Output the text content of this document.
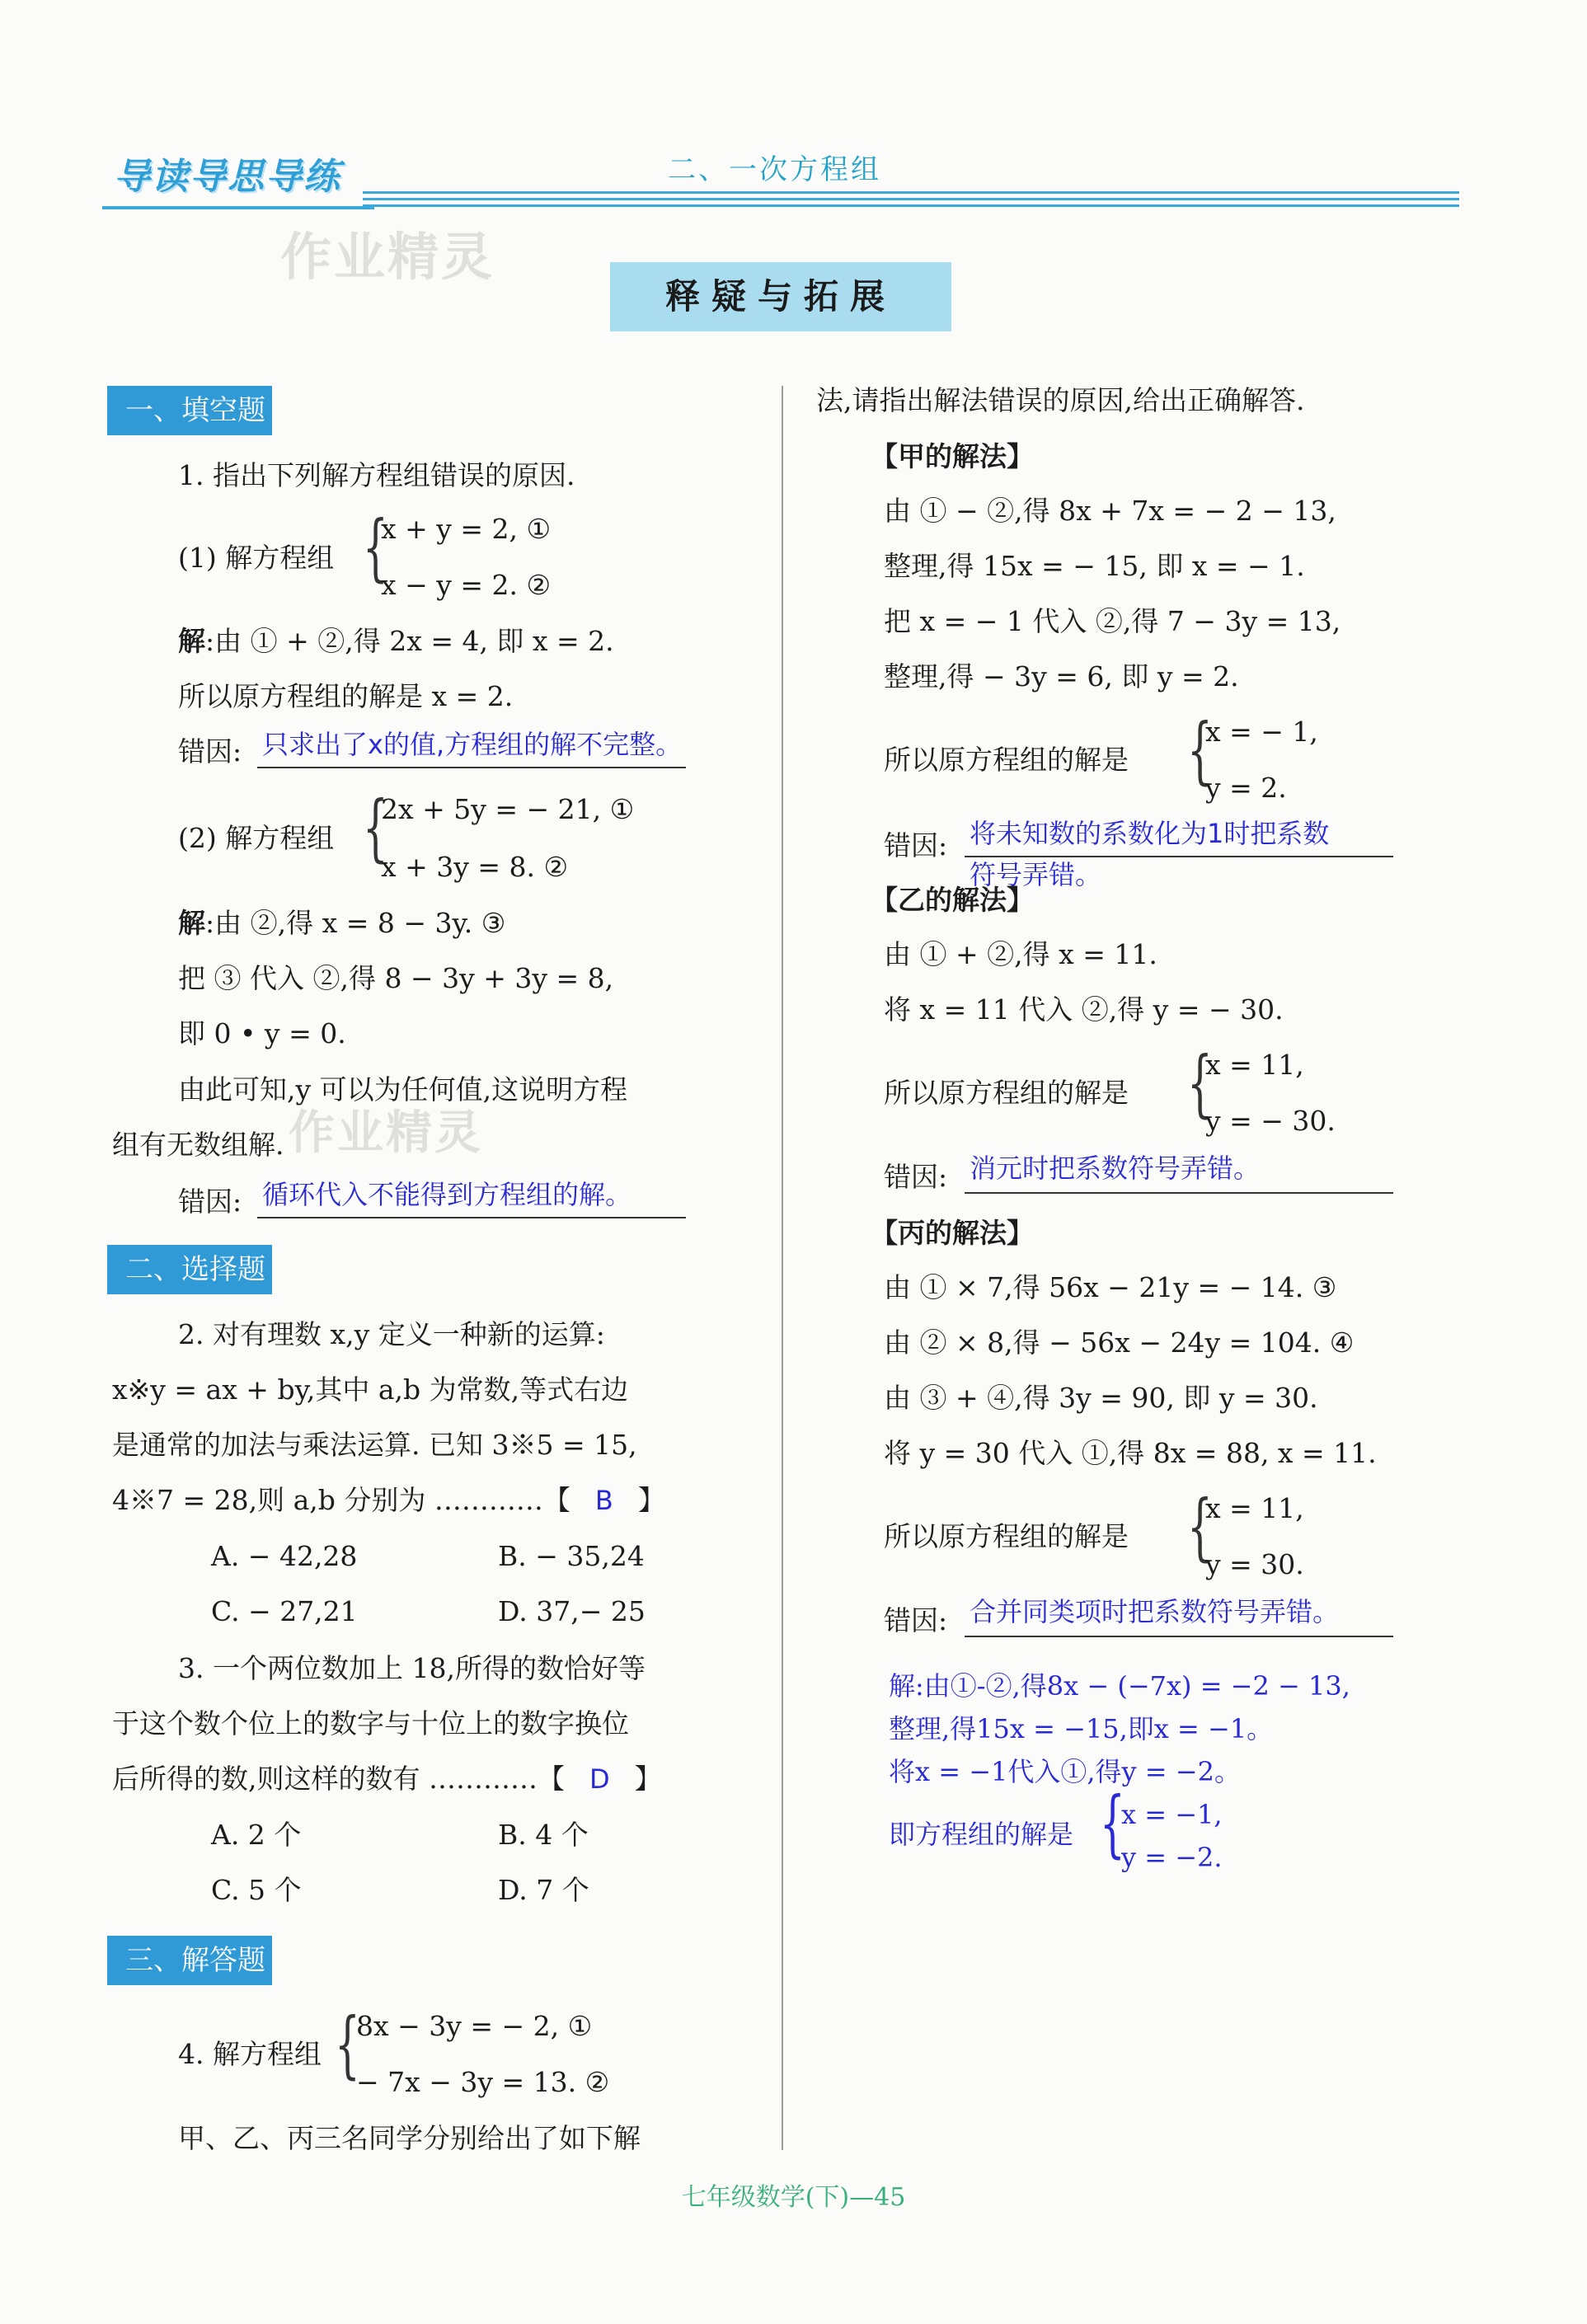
导读导思导练	二、一次方程组
作业精灵
作业精灵
释疑与拓展
一、填空题
1. 指出下列解方程组错误的原因.
(1) 解方程组 {
x + y = 2, ①
x − y = 2. ②
解:由 ① + ②,得 2x = 4, 即 x = 2.
所以原方程组的解是 x = 2.
错因: 只求出了x的值,方程组的解不完整。
(2) 解方程组 {
2x + 5y = − 21, ①
x + 3y = 8. ②
解:由 ②,得 x = 8 − 3y. ③
把 ③ 代入 ②,得 8 − 3y + 3y = 8,
即 0 • y = 0.
由此可知,y 可以为任何值,这说明方程
组有无数组解.
错因: 循环代入不能得到方程组的解。
二、选择题
2. 对有理数 x,y 定义一种新的运算:
x※y = ax + by,其中 a,b 为常数,等式右边
是通常的加法与乘法运算. 已知 3※5 = 15,
4※7 = 28,则 a,b 分别为 …………【 B 】
A. − 42,28	B. − 35,24
C. − 27,21	D. 37,− 25
3. 一个两位数加上 18,所得的数恰好等
于这个数个位上的数字与十位上的数字换位
后所得的数,则这样的数有 …………【 D 】
A. 2 个	B. 4 个
C. 5 个	D. 7 个
三、解答题
4. 解方程组 {
8x − 3y = − 2, ①
− 7x − 3y = 13. ②
甲、乙、丙三名同学分别给出了如下解
法,请指出解法错误的原因,给出正确解答.
【甲的解法】
由 ① − ②,得 8x + 7x = − 2 − 13,
整理,得 15x = − 15, 即 x = − 1.
把 x = − 1 代入 ②,得 7 − 3y = 13,
整理,得 − 3y = 6, 即 y = 2.
所以原方程组的解是 {
x = − 1,
y = 2.
错因: 将未知数的系数化为1时把系数
符号弄错。
【乙的解法】
由 ① + ②,得 x = 11.
将 x = 11 代入 ②,得 y = − 30.
所以原方程组的解是 {
x = 11,
y = − 30.
错因: 消元时把系数符号弄错。
【丙的解法】
由 ① × 7,得 56x − 21y = − 14. ③
由 ② × 8,得 − 56x − 24y = 104. ④
由 ③ + ④,得 3y = 90, 即 y = 30.
将 y = 30 代入 ①,得 8x = 88, x = 11.
所以原方程组的解是 {
x = 11,
y = 30.
错因: 合并同类项时把系数符号弄错。
解:由①-②,得8x − (−7x) = −2 − 13,
整理,得15x = −15,即x = −1。
将x = −1代入①,得y = −2。
即方程组的解是 {
x = −1,
y = −2.
七年级数学(下)—45
